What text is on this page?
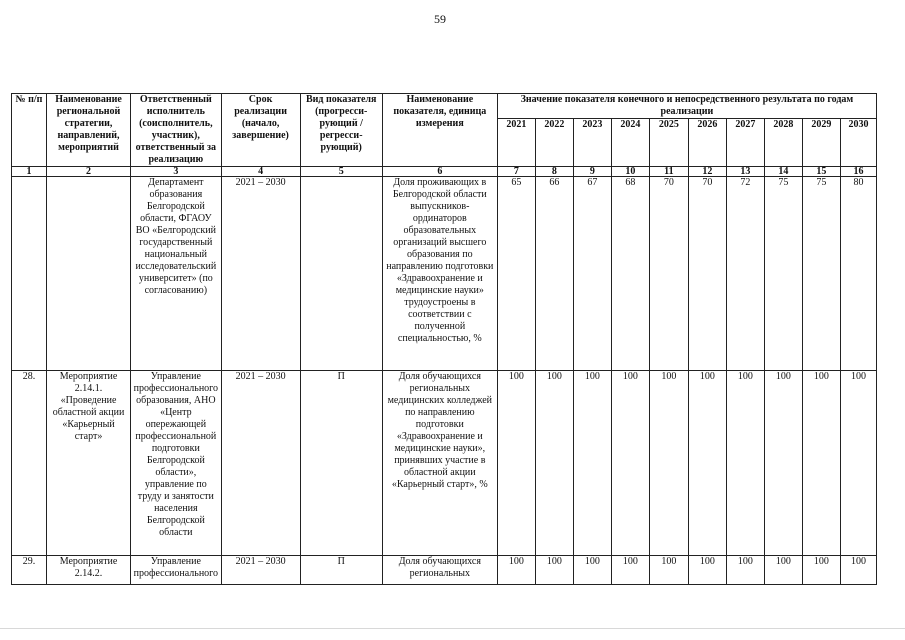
59
№ п/п	Наименование региональной стратегии, направлений, мероприятий	Ответственный исполнитель (соисполнитель, участник), ответственный за реализацию	Срок реализации (начало, завершение)	Вид показателя (прогресси-рующий / регресси-рующий)	Наименование показателя, единица измерения	Значение показателя конечного и непосредственного результата по годам реализации									
						2021	2022	2023	2024	2025	2026	2027	2028	2029	2030
1	2	3	4	5	6	7	8	9	10	11	12	13	14	15	16
		Департамент образования Белгородской области, ФГАОУ ВО «Белгородский государственный национальный исследовательский университет» (по согласованию)	2021 – 2030		Доля проживающих в Белгородской области выпускников-ординаторов образовательных организаций высшего образования по направлению подготовки «Здравоохранение и медицинские науки» трудоустроены в соответствии с полученной специальностью, %	65	66	67	68	70	70	72	75	75	80
28.	Мероприятие 2.14.1. «Проведение областной акции «Карьерный старт»	Управление профессионального образования, АНО «Центр опережающей профессиональной подготовки Белгородской области», управление по труду и занятости населения Белгородской области	2021 – 2030	П	Доля обучающихся региональных медицинских колледжей по направлению подготовки «Здравоохранение и медицинские науки», принявших участие в областной акции «Карьерный старт», %	100	100	100	100	100	100	100	100	100	100
29.	Мероприятие 2.14.2.	Управление профессионального	2021 – 2030	П	Доля обучающихся региональных	100	100	100	100	100	100	100	100	100	100
